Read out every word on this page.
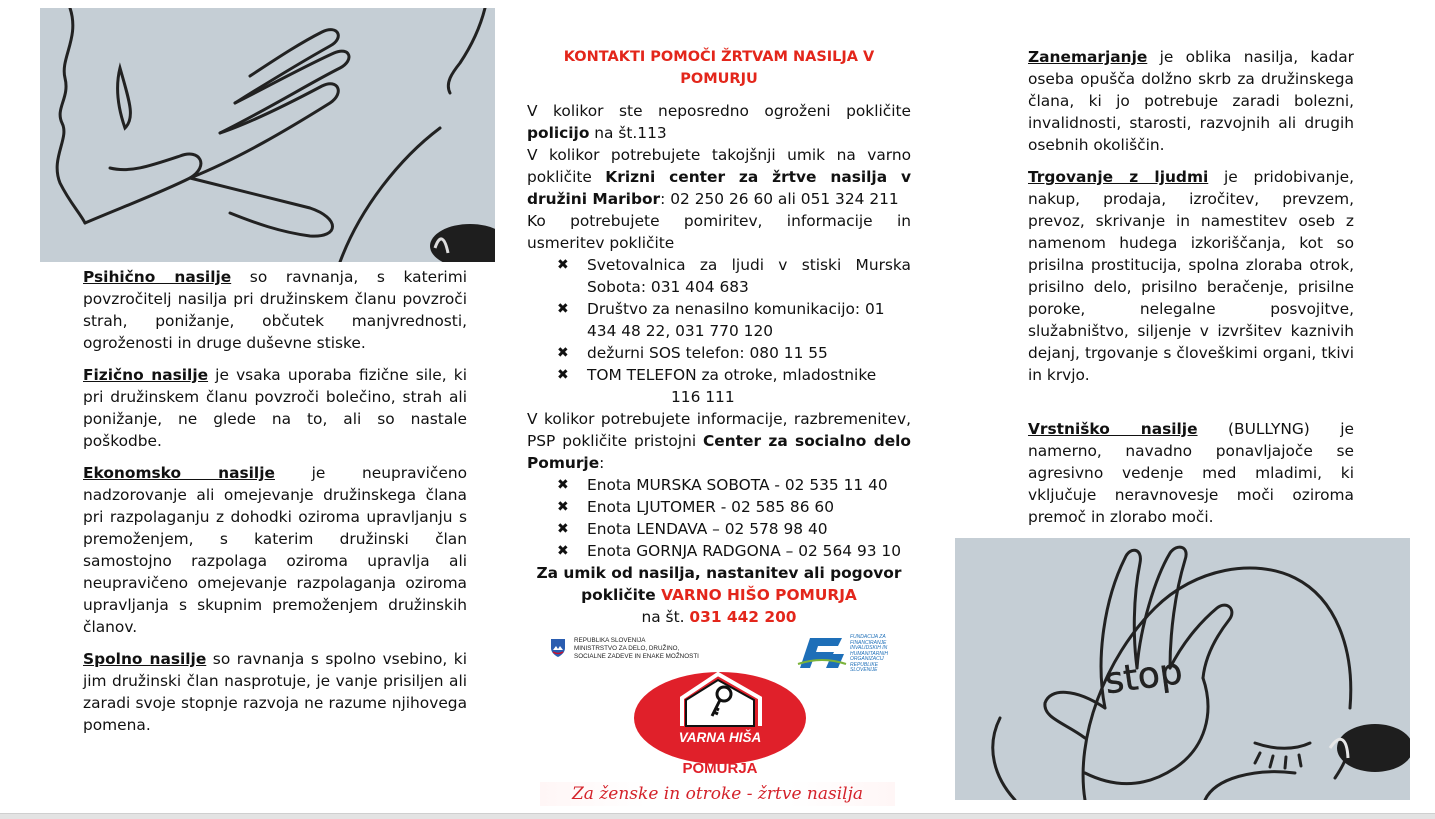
Psihično nasilje so ravnanja, s katerimi povzročitelj nasilja pri družinskem članu povzroči strah, ponižanje, občutek manjvrednosti, ogroženosti in druge duševne stiske.

Fizično nasilje je vsaka uporaba fizične sile, ki pri družinskem članu povzroči bolečino, strah ali ponižanje, ne glede na to, ali so nastale poškodbe.

Ekonomsko nasilje je neupravičeno nadzorovanje ali omejevanje družinskega člana pri razpolaganju z dohodki oziroma upravljanju s premoženjem, s katerim družinski član samostojno razpolaga oziroma upravlja ali neupravičeno omejevanje razpolaganja oziroma upravljanja s skupnim premoženjem družinskih članov.

Spolno nasilje so ravnanja s spolno vsebino, ki jim družinski član nasprotuje, je vanje prisiljen ali zaradi svoje stopnje razvoja ne razume njihovega pomena.

KONTAKTI POMOČI ŽRTVAM NASILJA V POMURJU

V kolikor ste neposredno ogroženi pokličite policijo na št.113

V kolikor potrebujete takojšnji umik na varno pokličite Krizni center za žrtve nasilja v družini Maribor: 02 250 26 60 ali 051 324 211

Ko potrebujete pomiritev, informacije in usmeritev pokličite

✖ Svetovalnica za ljudi v stiski Murska Sobota: 031 404 683
✖ Društvo za nenasilno komunikacijo: 01 434 48 22, 031 770 120
✖ dežurni SOS telefon: 080 11 55
✖ TOM TELEFON za otroke, mladostnike

116 111

V kolikor potrebujete informacije, razbremenitev, PSP pokličite pristojni Center za socialno delo Pomurje:

✖ Enota MURSKA SOBOTA - 02 535 11 40
✖ Enota LJUTOMER - 02 585 86 60
✖ Enota LENDAVA – 02 578 98 40
✖ Enota GORNJA RADGONA – 02 564 93 10

Za umik od nasilja, nastanitev ali pogovor

pokličite VARNO HIŠO POMURJA

na št. 031 442 200

REPUBLIKA SLOVENIJA
MINISTRSTVO ZA DELO, DRUŽINO,
SOCIALNE ZADEVE IN ENAKE MOŽNOSTI
FUNDACIJA ZA
FINANCIRANJE
INVALIDSKIH IN
HUMANITARNIH
ORGANIZACIJ
REPUBLIKE
SLOVENIJE
VARNA HIŠA
POMURJA
Za ženske in otroke - žrtve nasilja

Zanemarjanje je oblika nasilja, kadar oseba opušča dolžno skrb za družinskega člana, ki jo potrebuje zaradi bolezni, invalidnosti, starosti, razvojnih ali drugih osebnih okoliščin.

Trgovanje z ljudmi je pridobivanje, nakup, prodaja, izročitev, prevzem, prevoz, skrivanje in namestitev oseb z namenom hudega izkoriščanja, kot so prisilna prostitucija, spolna zloraba otrok, prisilno delo, prisilno beračenje, prisilne poroke, nelegalne posvojitve, služabništvo, siljenje v izvršitev kaznivih dejanj, trgovanje s človeškimi organi, tkivi in krvjo.

Vrstniško nasilje (BULLYNG) je namerno, navadno ponavljajoče se agresivno vedenje med mladimi, ki vključuje neravnovesje moči oziroma premoč in zlorabo moči.

stop
